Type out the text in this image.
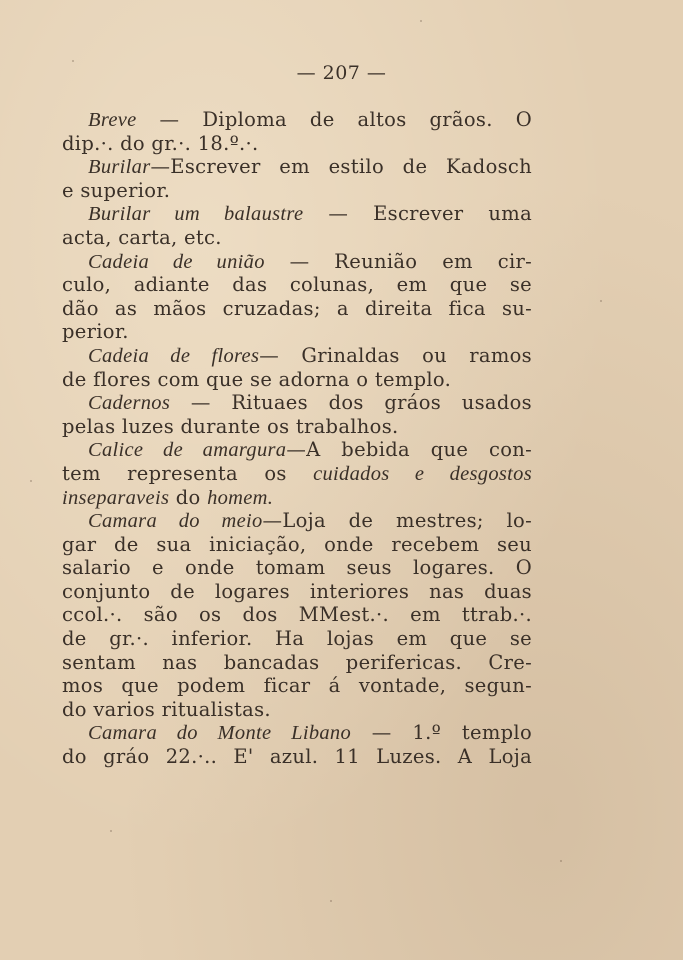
— 207 —
Breve — Diploma de altos grãos. O
dip.·. do gr.·. 18.º.·.
Burilar—Escrever em estilo de Kadosch
e superior.
Burilar um balaustre — Escrever uma
acta, carta, etc.
Cadeia de união — Reunião em cir-
culo, adiante das colunas, em que se
dão as mãos cruzadas; a direita fica su-
perior.
Cadeia de flores— Grinaldas ou ramos
de flores com que se adorna o templo.
Cadernos — Rituaes dos gráos usados
pelas luzes durante os trabalhos.
Calice de amargura—A bebida que con-
tem representa os cuidados e desgostos
inseparaveis do homem.
Camara do meio—Loja de mestres; lo-
gar de sua iniciação, onde recebem seu
salario e onde tomam seus logares. O
conjunto de logares interiores nas duas
ccol.·. são os dos MMest.·. em ttrab.·.
de gr.·. inferior. Ha lojas em que se
sentam nas bancadas perifericas. Cre-
mos que podem ficar á vontade, segun-
do varios ritualistas.
Camara do Monte Libano — 1.º templo
do gráo 22.·.. E' azul. 11 Luzes. A Loja
